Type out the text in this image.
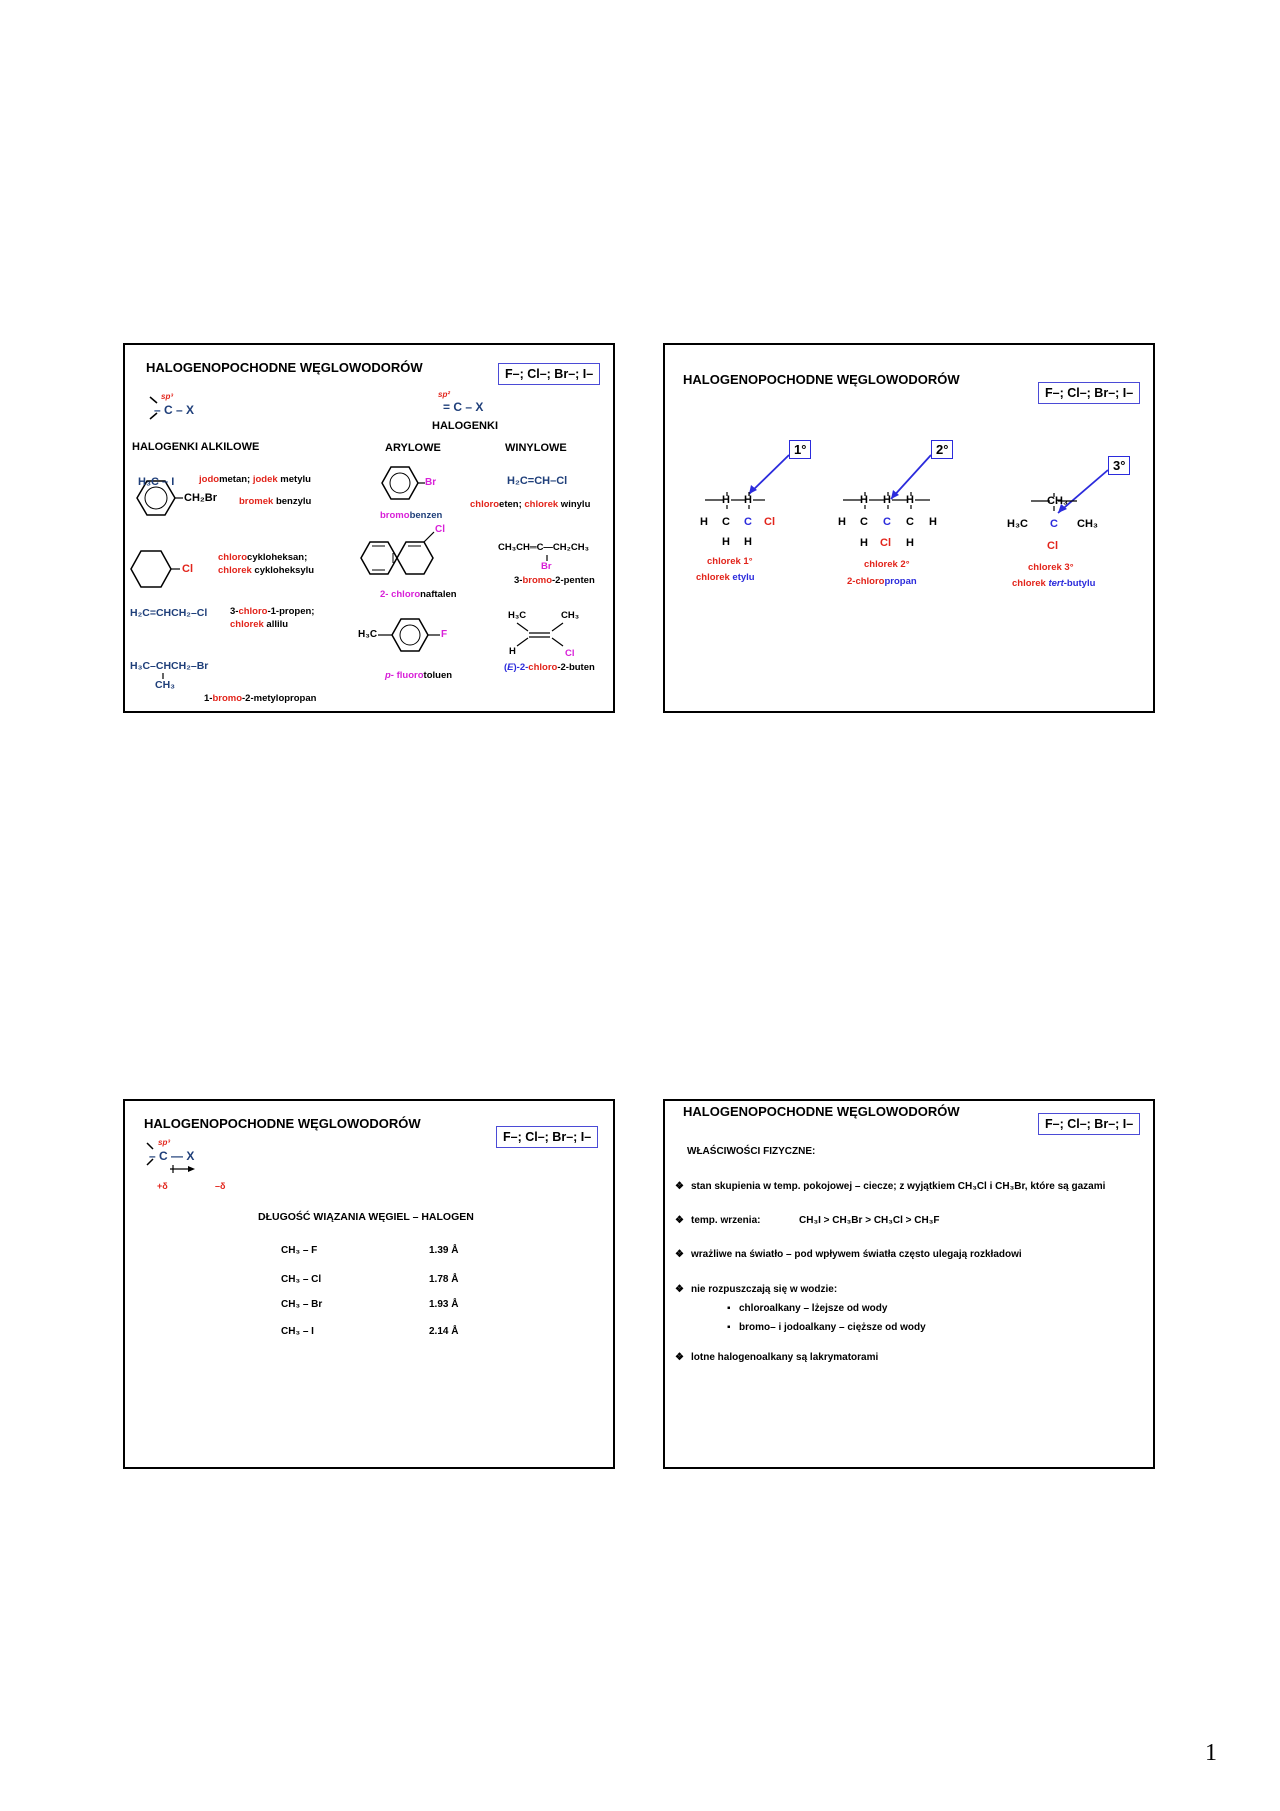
HALOGENOPOCHODNE WĘGLOWODORÓW	F–; Cl–; Br–; I–
sp³
– C – X
sp²
= C – X
HALOGENKI
HALOGENKI ALKILOWE	ARYLOWE	WINYLOWE
H₃C – I	jodometan; jodek metylu
CH₂Br bromek benzylu
Cl
chlorocykloheksan;
chlorek cykloheksylu
H₂C=CHCH₂–Cl 3-chloro-1-propen;
chlorek allilu
H₃C–CHCH₂–Br
CH₃
1-bromo-2-metylopropan
Br
bromobenzen
Cl
2- chloronaftalen
H₃C	F
p- fluorotoluen
H₂C=CH–Cl
chloroeten; chlorek winylu
CH₃CH═C—CH₂CH₃
Br
3-bromo-2-penten
H₃C	CH₃
H	Cl
(E)-2-chloro-2-buten
HALOGENOPOCHODNE WĘGLOWODORÓW
F–; Cl–; Br–; I–
1°	2°
3°
H H
H C C Cl
H H
chlorek 1°
chlorek etylu
H H H
H C C C H
H Cl H
chlorek 2°
2-chloropropan
CH₃
H₃C C CH₃
Cl
chlorek 3°
chlorek tert-butylu
HALOGENOPOCHODNE WĘGLOWODORÓW
F–; Cl–; Br–; I–
sp³
– C — X
+δ	–δ
DŁUGOŚĆ WIĄZANIA WĘGIEL – HALOGEN
CH₃ – F	1.39 Å
CH₃ – Cl	1.78 Å
CH₃ – Br	1.93 Å
CH₃ – I	2.14 Å
HALOGENOPOCHODNE WĘGLOWODORÓW
F–; Cl–; Br–; I–
WŁAŚCIWOŚCI FIZYCZNE:
❖ stan skupienia w temp. pokojowej – ciecze; z wyjątkiem CH₃Cl i CH₃Br, które są gazami
❖ temp. wrzenia:	CH₃I > CH₃Br > CH₃Cl > CH₃F
❖ wrażliwe na światło – pod wpływem światła często ulegają rozkładowi
❖ nie rozpuszczają się w wodzie:
▪ chloroalkany – lżejsze od wody
▪ bromo– i jodoalkany – cięższe od wody
❖ lotne halogenoalkany są lakrymatorami
1
